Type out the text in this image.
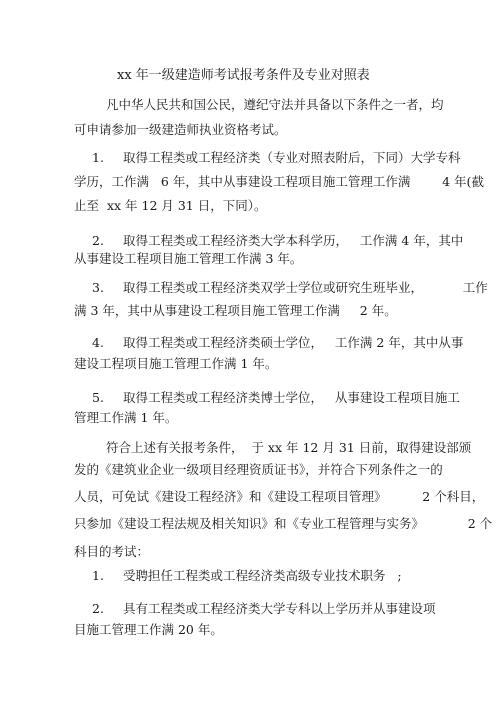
xx 年一级建造师考试报考条件及专业对照表
凡中华人民共和国公民，遵纪守法并具备以下条件之一者，均
可申请参加一级建造师执业资格考试。
1. 取得工程类或工程经济类（专业对照表附后，下同）大学专科
学历，工作满   6 年，其中从事建设工程项目施工管理工作满        4 年(截
止至  xx 年 12 月 31 日，下同）。
2. 取得工程类或工程经济类大学本科学历，   工作满 4 年，其中
从事建设工程项目施工管理工作满 3 年。
3. 取得工程类或工程经济类双学士学位或研究生班毕业，          工作
满 3 年，其中从事建设工程项目施工管理工作满     2 年。
4. 取得工程类或工程经济类硕士学位，   工作满 2 年，其中从事
建设工程项目施工管理工作满 1 年。
5. 取得工程类或工程经济类博士学位，   从事建设工程项目施工
管理工作满 1 年。
符合上述有关报考条件，  于 xx 年 12 月 31 日前，取得建设部颁
发的《建筑业企业一级项目经理资质证书》，并符合下列条件之一的
人员，可免试《建设工程经济》和《建设工程项目管理》         2 个科目，
只参加《建设工程法规及相关知识》和《专业工程管理与实务》           2 个
科目的考试：
1. 受聘担任工程类或工程经济类高级专业技术职务   ;
2. 具有工程类或工程经济类大学专科以上学历并从事建设项
目施工管理工作满 20 年。
